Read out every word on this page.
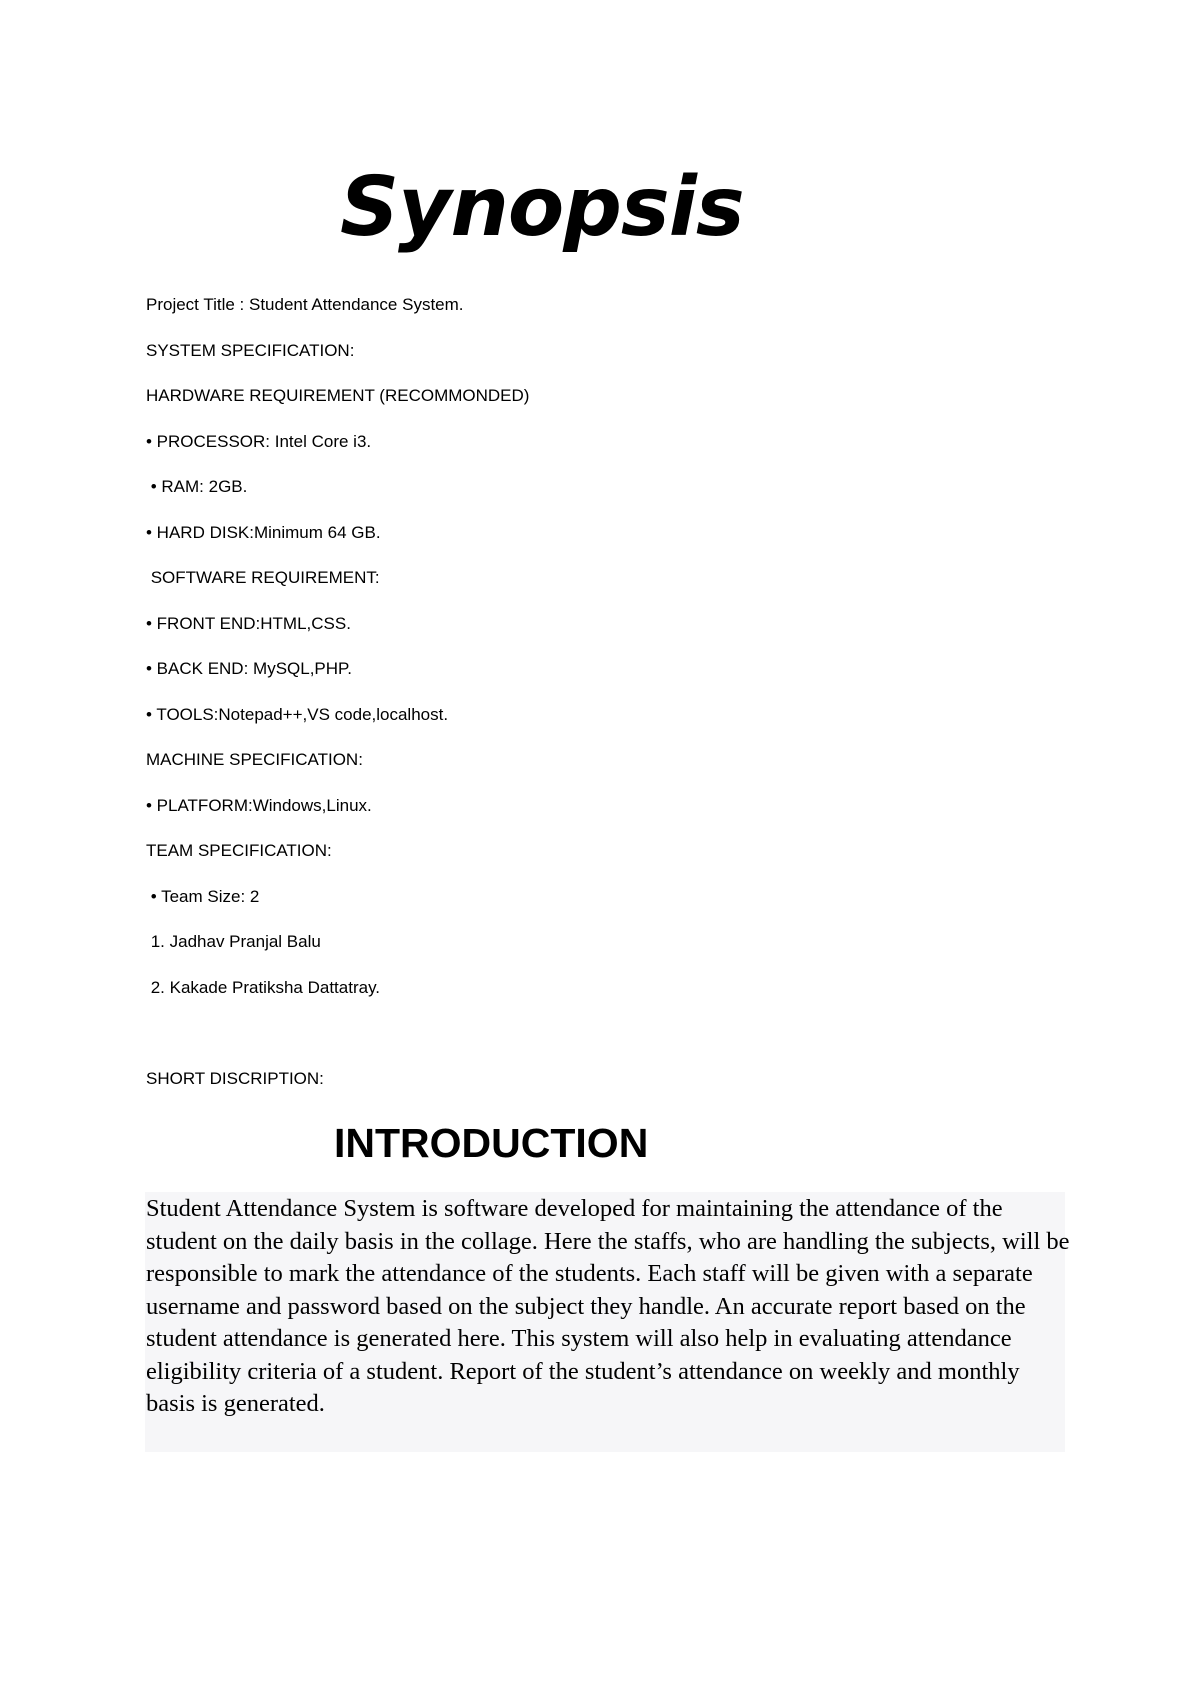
Synopsis

Project Title : Student Attendance System.

SYSTEM SPECIFICATION:

HARDWARE REQUIREMENT (RECOMMONDED)

• PROCESSOR: Intel Core i3.

• RAM: 2GB.

• HARD DISK:Minimum 64 GB.

SOFTWARE REQUIREMENT:

• FRONT END:HTML,CSS.

• BACK END: MySQL,PHP.

• TOOLS:Notepad++,VS code,localhost.

MACHINE SPECIFICATION:

• PLATFORM:Windows,Linux.

TEAM SPECIFICATION:

• Team Size: 2

1. Jadhav Pranjal Balu

2. Kakade Pratiksha Dattatray.

SHORT DISCRIPTION:

INTRODUCTION

Student Attendance System is software developed for maintaining the attendance of the student on the daily basis in the collage. Here the staffs, who are handling the subjects, will be responsible to mark the attendance of the students. Each staff will be given with a separate username and password based on the subject they handle. An accurate report based on the student attendance is generated here. This system will also help in evaluating attendance eligibility criteria of a student. Report of the student’s attendance on weekly and monthly basis is generated.
